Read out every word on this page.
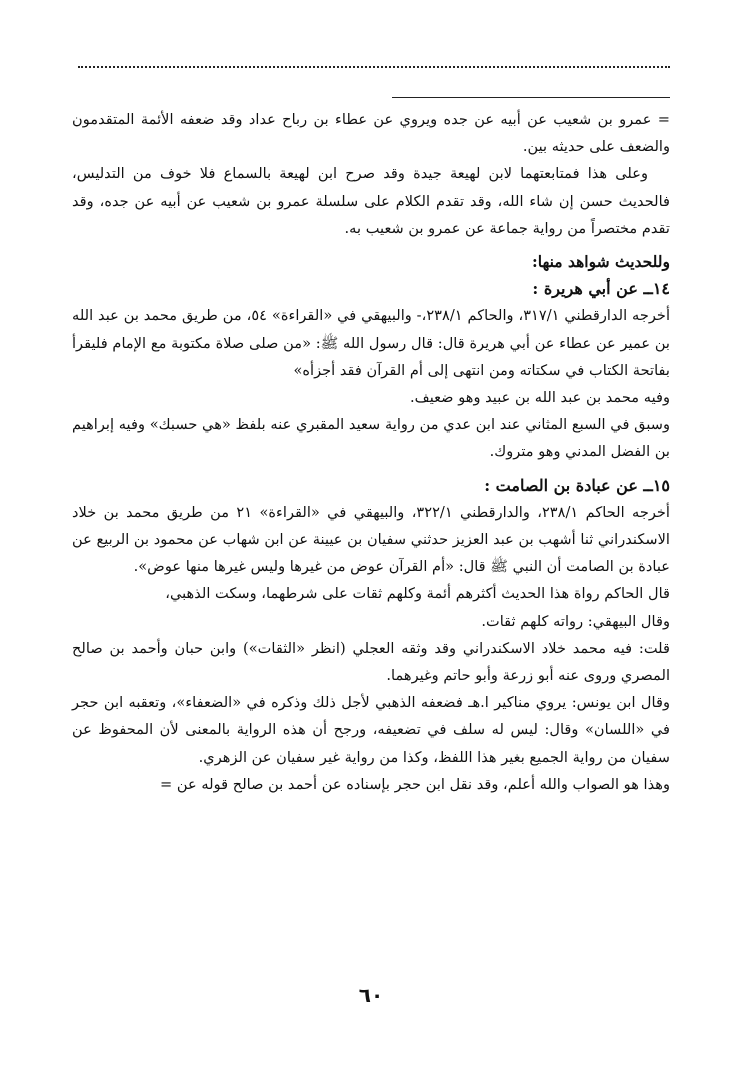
= عمرو بن شعيب عن أبيه عن جده ويروي عن عطاء بن رباح عداد وقد ضعفه الأئمة المتقدمون والضعف على حديثه بين.

وعلى هذا فمتابعتهما لابن لهيعة جيدة وقد صرح ابن لهيعة بالسماع فلا خوف من التدليس، فالحديث حسن إن شاء الله، وقد تقدم الكلام على سلسلة عمرو بن شعيب عن أبيه عن جده، وقد تقدم مختصراً من رواية جماعة عن عمرو بن شعيب به.

وللحديث شواهد منها:

١٤ــ عن أبي هريرة :

أخرجه الدارقطني ٣١٧/١، والحاكم ٢٣٨/١،- والبيهقي في «القراءة» ٥٤، من طريق محمد بن عبد الله بن عمير عن عطاء عن أبي هريرة قال: قال رسول الله ﷺ: «من صلى صلاة مكتوبة مع الإمام فليقرأ بفاتحة الكتاب في سكتاته ومن انتهى إلى أم القرآن فقد أجزأه»

وفيه محمد بن عبد الله بن عبيد وهو ضعيف.

وسبق في السبع المثاني عند ابن عدي من رواية سعيد المقبري عنه بلفظ «هي حسبك» وفيه إبراهيم بن الفضل المدني وهو متروك.

١٥ــ عن عبادة بن الصامت :

أخرجه الحاكم ٢٣٨/١، والدارقطني ٣٢٢/١، والبيهقي في «القراءة» ٢١ من طريق محمد بن خلاد الاسكندراني ثنا أشهب بن عبد العزيز حدثني سفيان بن عيينة عن ابن شهاب عن محمود بن الربيع عن عبادة بن الصامت أن النبي ﷺ قال: «أم القرآن عوض من غيرها وليس غيرها منها عوض».

قال الحاكم رواة هذا الحديث أكثرهم أئمة وكلهم ثقات على شرطهما، وسكت الذهبي،

وقال البيهقي: رواته كلهم ثقات.

قلت: فيه محمد خلاد الاسكندراني وقد وثقه العجلي (انظر «الثقات») وابن حبان وأحمد بن صالح المصري وروى عنه أبو زرعة وأبو حاتم وغيرهما.

وقال ابن يونس: يروي مناكير ا.هـ فضعفه الذهبي لأجل ذلك وذكره في «الضعفاء»، وتعقبه ابن حجر في «اللسان» وقال: ليس له سلف في تضعيفه، ورجح أن هذه الرواية بالمعنى لأن المحفوظ عن سفيان من رواية الجميع بغير هذا اللفظ، وكذا من رواية غير سفيان عن الزهري.

وهذا هو الصواب والله أعلم، وقد نقل ابن حجر بإسناده عن أحمد بن صالح قوله عن =

٦٠
